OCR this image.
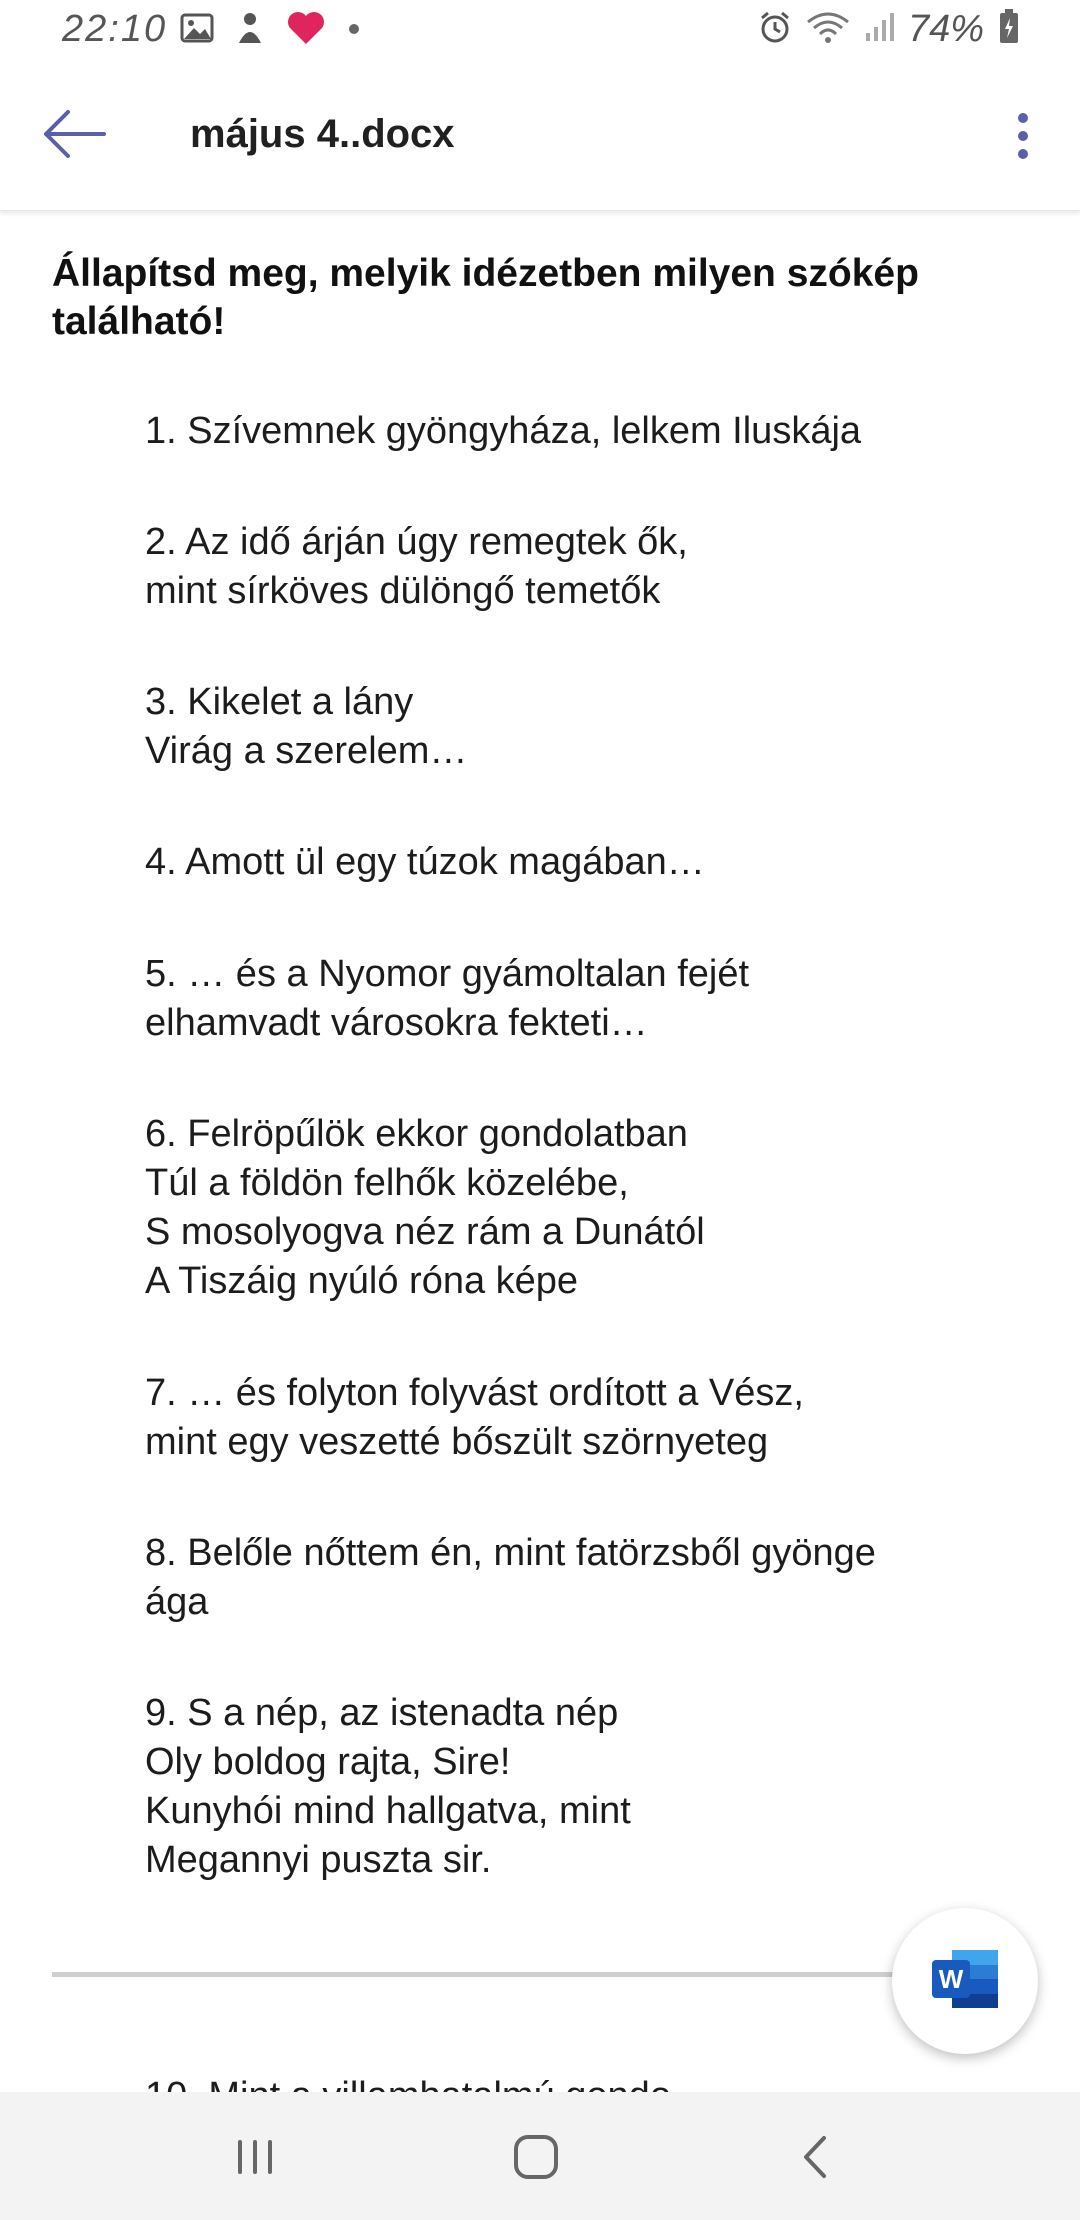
22:10	74%
május 4..docx
Állapítsd meg, melyik idézetben milyen szókép található!
1. Szívemnek gyöngyháza, lelkem Iluskája
2. Az idő árján úgy remegtek ők,
mint sírköves dülöngő temetők
3. Kikelet a lány
Virág a szerelem…
4. Amott ül egy túzok magában…
5. … és a Nyomor gyámoltalan fejét
elhamvadt városokra fekteti…
6. Felröpűlök ekkor gondolatban
Túl a földön felhők közelébe,
S mosolyogva néz rám a Dunától
A Tiszáig nyúló róna képe
7. … és folyton folyvást ordított a Vész,
mint egy veszetté bőszült szörnyeteg
8. Belőle nőttem én, mint fatörzsből gyönge
ága
9. S a nép, az istenadta nép
Oly boldog rajta, Sire!
Kunyhói mind hallgatva, mint
Megannyi puszta sir.
W
